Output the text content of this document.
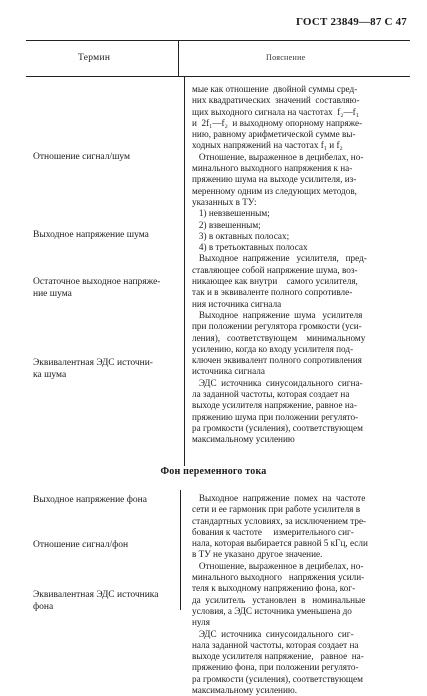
ГОСТ 23849—87 С 47
Термин	Пояснение
мые как отношение  двойной суммы сред-
них квадратических  значений  составляю-
щих выходного сигнала на частотах  f₂—f₁
и  2f₁—f₂  и выходному опорному напряже-
нию, равному арифметической сумме вы-
ходных напряжений на частотах f₁ и f₂
Отношение, выраженное в децибелах, но-
минального выходного напряжения к на-
пряжению шума на выходе усилителя, из-
меренному одним из следующих методов,
указанных в ТУ:
1) невзвешенным;
2) взвешенным;
3) в октавных полосах;
4) в третьоктавных полосах
Выходное  напряжение   усилителя,   пред-
ставляющее собой напряжение шума, воз-
никающее как внутри    самого усилителя,
так и в эквиваленте полного сопротивле-
ния источника сигнала
Выходное  напряжение  шума   усилителя
при положении регулятора громкости (уси-
ления),   соответствующем    минимальному
усилению, когда ко входу усилителя под-
ключен эквивалент полного сопротивления
источника сигнала
ЭДС  источника  синусоидального  сигна-
ла заданной частоты, которая создает на
выходе усилителя напряжение, равное на-
пряжению шума при положении регулято-
ра громкости (усиления), соответствующем
максимальному усилению
Отношение сигнал/шум
Выходное напряжение шума
Остаточное выходное напряже-
ние шума
Эквивалентная ЭДС источни-
ка шума
Фон переменного тока
Выходное  напряжение  помех  на  частоте
сети и ее гармоник при работе усилителя в
стандартных условиях, за исключением тре-
бования к частоте     измерительного сиг-
нала, которая выбирается равной 5 кГц, если
в ТУ не указано другое значение.
Отношение, выраженное в децибелах, но-
минального выходного   напряжения усили-
теля к выходному напряжению фона, ког-
да  усилитель   установлен  в   номинальные
условия, а ЭДС источника уменьшена до
нуля
ЭДС  источника  синусоидального  сиг-
нала заданной частоты, которая создает на
выходе усилителя напряжение,   равное  на-
пряжению фона, при положении регулято-
ра громкости (усиления), соответствующем
максимальному усилению.
Выходное напряжение фона
Отношение сигнал/фон
Эквивалентная ЭДС источника
фона
